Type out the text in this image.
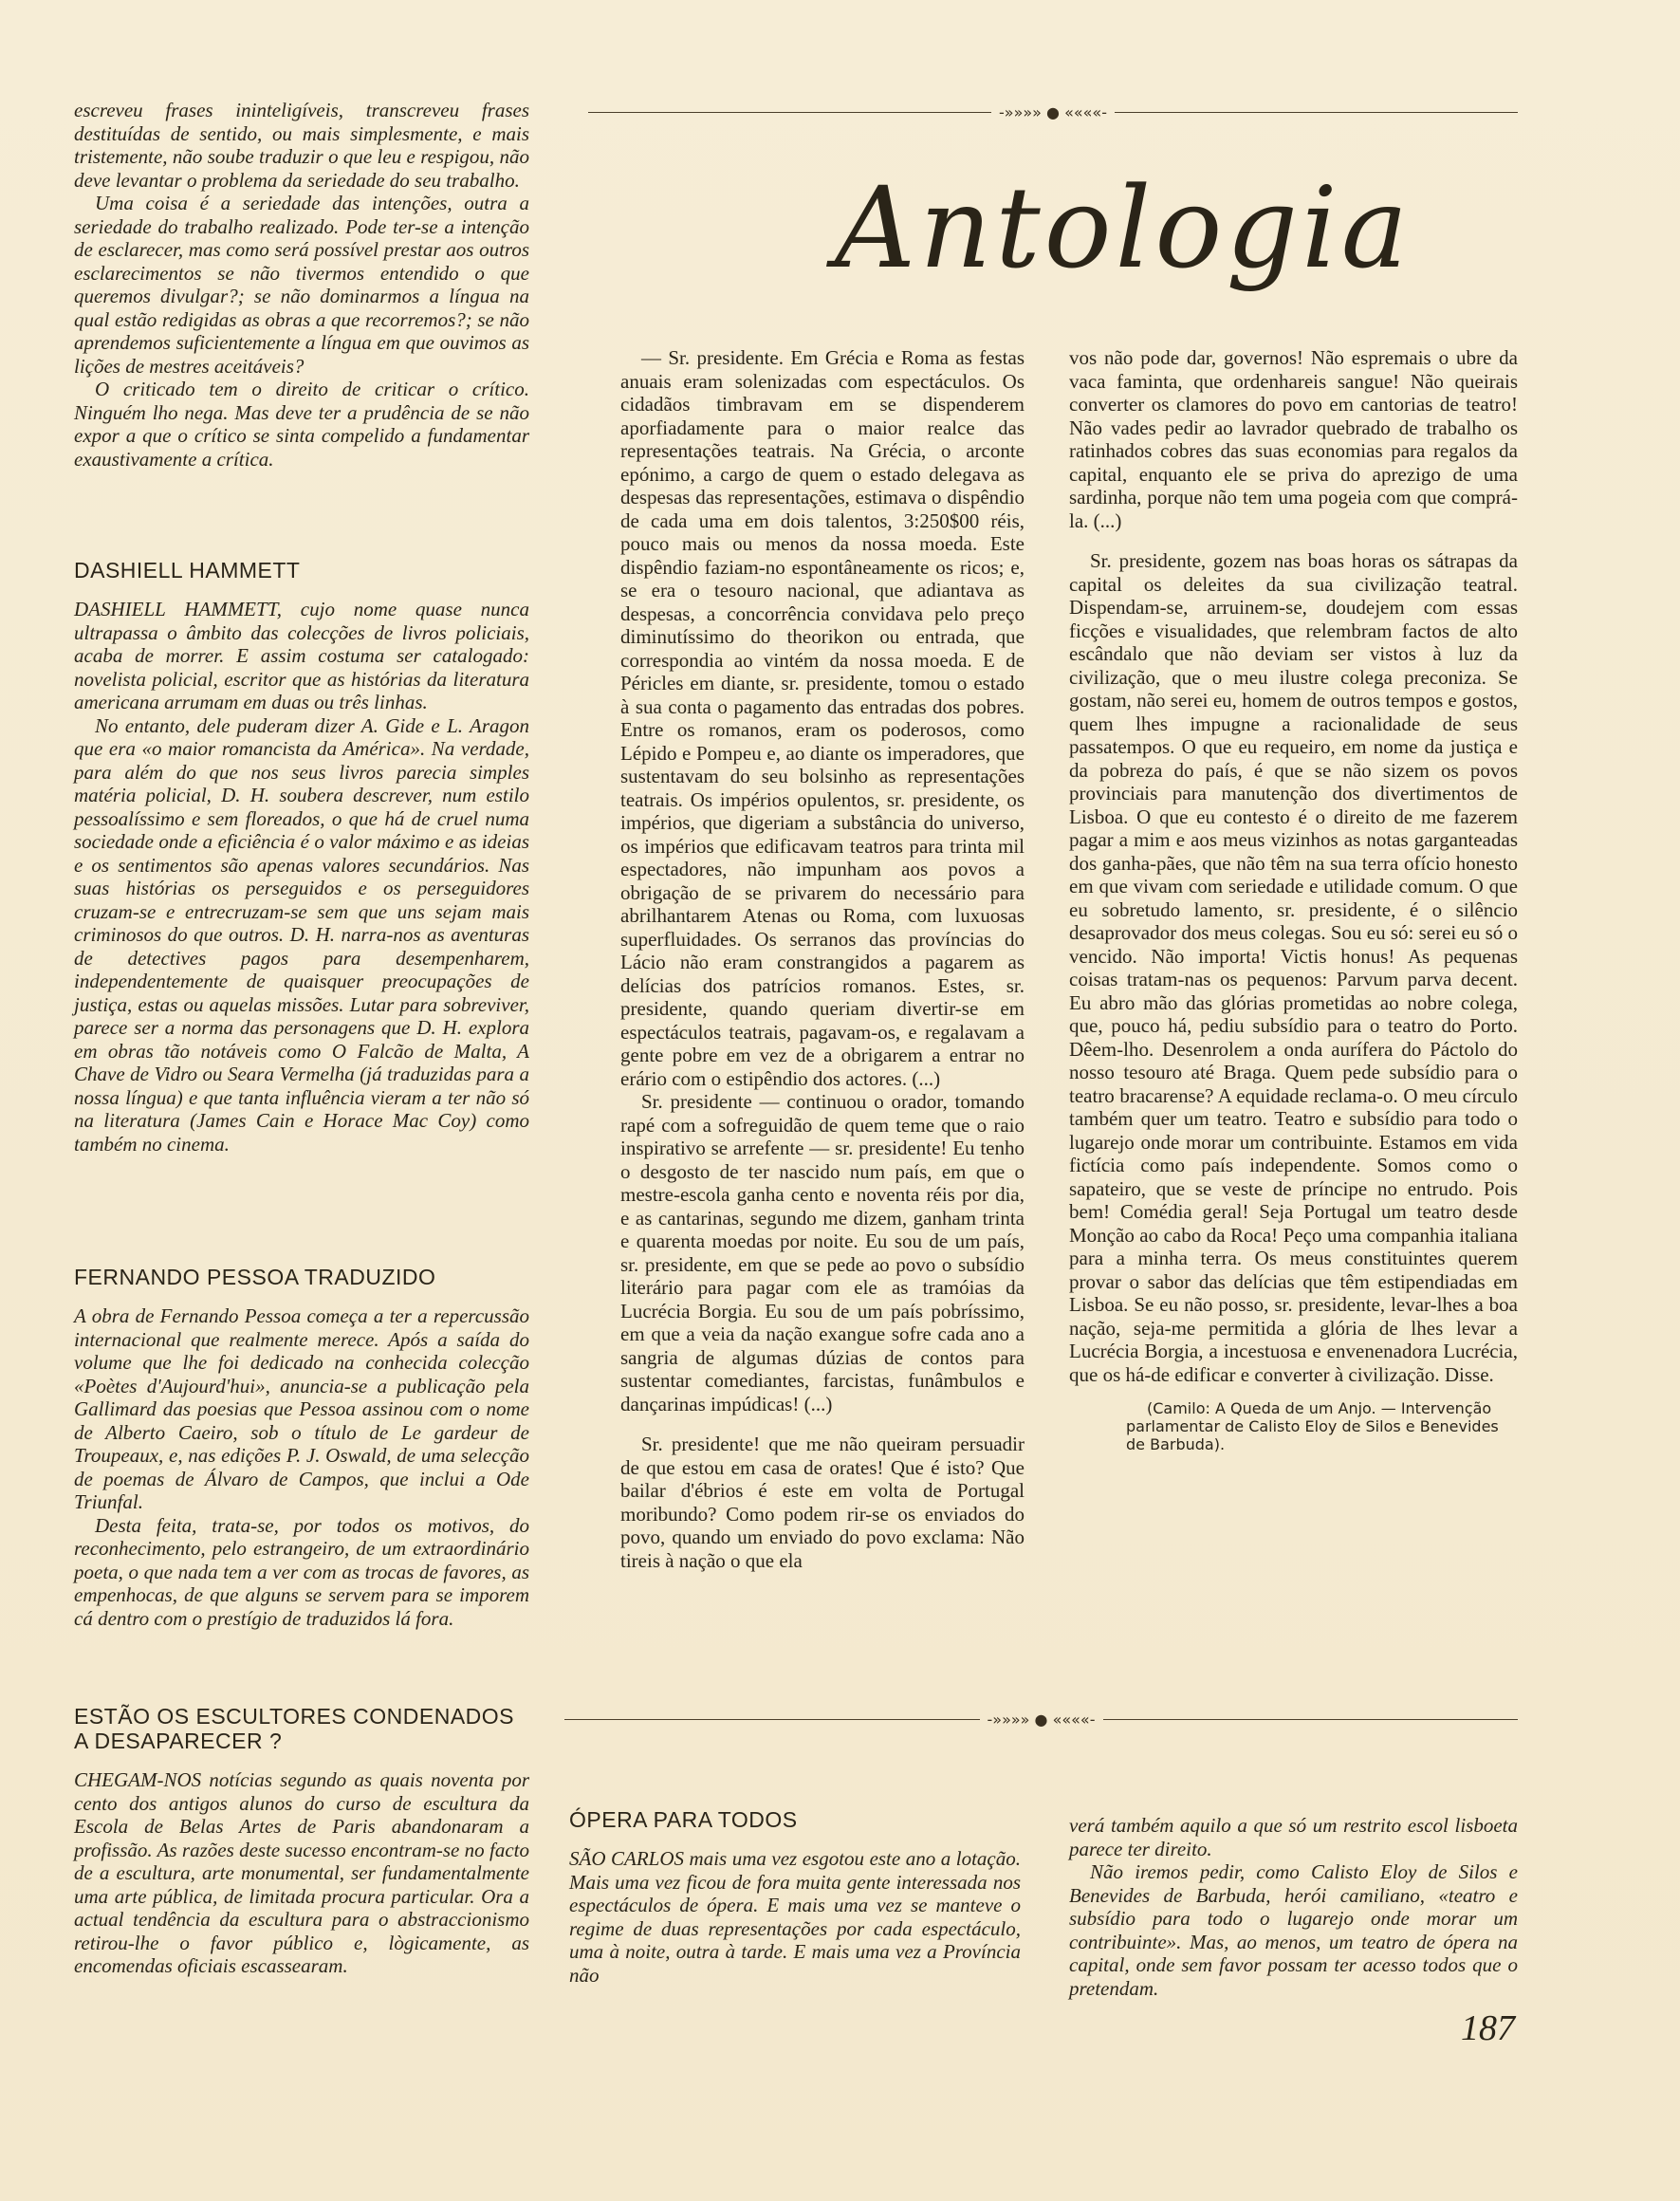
escreveu frases ininteligíveis, transcreveu frases destituídas de sentido, ou mais simplesmente, e mais tristemente, não soube traduzir o que leu e respigou, não deve levantar o problema da seriedade do seu trabalho.

Uma coisa é a seriedade das intenções, outra a seriedade do trabalho realizado. Pode ter-se a intenção de esclarecer, mas como será possível prestar aos outros esclarecimentos se não tivermos entendido o que queremos divulgar?; se não dominarmos a língua na qual estão redigidas as obras a que recorremos?; se não aprendemos suficientemente a língua em que ouvimos as lições de mestres aceitáveis?

O criticado tem o direito de criticar o crítico. Ninguém lho nega. Mas deve ter a prudência de se não expor a que o crítico se sinta compelido a fundamentar exaustivamente a crítica.

DASHIELL HAMMETT

DASHIELL HAMMETT, cujo nome quase nunca ultrapassa o âmbito das colecções de livros policiais, acaba de morrer. E assim costuma ser catalogado: novelista policial, escritor que as histórias da literatura americana arrumam em duas ou três linhas.

No entanto, dele puderam dizer A. Gide e L. Aragon que era «o maior romancista da América». Na verdade, para além do que nos seus livros parecia simples matéria policial, D. H. soubera descrever, num estilo pessoalíssimo e sem floreados, o que há de cruel numa sociedade onde a eficiência é o valor máximo e as ideias e os sentimentos são apenas valores secundários. Nas suas histórias os perseguidos e os perseguidores cruzam-se e entrecruzam-se sem que uns sejam mais criminosos do que outros. D. H. narra-nos as aventuras de detectives pagos para desempenharem, independentemente de quaisquer preocupações de justiça, estas ou aquelas missões. Lutar para sobreviver, parece ser a norma das personagens que D. H. explora em obras tão notáveis como O Falcão de Malta, A Chave de Vidro ou Seara Vermelha (já traduzidas para a nossa língua) e que tanta influência vieram a ter não só na literatura (James Cain e Horace Mac Coy) como também no cinema.

FERNANDO PESSOA TRADUZIDO

A obra de Fernando Pessoa começa a ter a repercussão internacional que realmente merece. Após a saída do volume que lhe foi dedicado na conhecida colecção «Poètes d'Aujourd'hui», anuncia-se a publicação pela Gallimard das poesias que Pessoa assinou com o nome de Alberto Caeiro, sob o título de Le gardeur de Troupeaux, e, nas edições P. J. Oswald, de uma selecção de poemas de Álvaro de Campos, que inclui a Ode Triunfal.

Desta feita, trata-se, por todos os motivos, do reconhecimento, pelo estrangeiro, de um extraordinário poeta, o que nada tem a ver com as trocas de favores, as empenhocas, de que alguns se servem para se imporem cá dentro com o prestígio de traduzidos lá fora.

ESTÃO OS ESCULTORES CONDENADOS A DESAPARECER ?

CHEGAM-NOS notícias segundo as quais noventa por cento dos antigos alunos do curso de escultura da Escola de Belas Artes de Paris abandonaram a profissão. As razões deste sucesso encontram-se no facto de a escultura, arte monumental, ser fundamentalmente uma arte pública, de limitada procura particular. Ora a actual tendência da escultura para o abstraccionismo retirou-lhe o favor público e, lògicamente, as encomendas oficiais escassearam.

-»»»» ● ««««-
Antologia

— Sr. presidente. Em Grécia e Roma as festas anuais eram solenizadas com espectáculos. Os cidadãos timbravam em se dispenderem aporfiadamente para o maior realce das representações teatrais. Na Grécia, o arconte epónimo, a cargo de quem o estado delegava as despesas das representações, estimava o dispêndio de cada uma em dois talentos, 3:250$00 réis, pouco mais ou menos da nossa moeda. Este dispêndio faziam-no espontâneamente os ricos; e, se era o tesouro nacional, que adiantava as despesas, a concorrência convidava pelo preço diminutíssimo do theorikon ou entrada, que correspondia ao vintém da nossa moeda. E de Péricles em diante, sr. presidente, tomou o estado à sua conta o pagamento das entradas dos pobres. Entre os romanos, eram os poderosos, como Lépido e Pompeu e, ao diante os imperadores, que sustentavam do seu bolsinho as representações teatrais. Os impérios opulentos, sr. presidente, os impérios, que digeriam a substância do universo, os impérios que edificavam teatros para trinta mil espectadores, não impunham aos povos a obrigação de se privarem do necessário para abrilhantarem Atenas ou Roma, com luxuosas superfluidades. Os serranos das províncias do Lácio não eram constrangidos a pagarem as delícias dos patrícios romanos. Estes, sr. presidente, quando queriam divertir-se em espectáculos teatrais, pagavam-os, e regalavam a gente pobre em vez de a obrigarem a entrar no erário com o estipêndio dos actores. (...)

Sr. presidente — continuou o orador, tomando rapé com a sofreguidão de quem teme que o raio inspirativo se arrefente — sr. presidente! Eu tenho o desgosto de ter nascido num país, em que o mestre-escola ganha cento e noventa réis por dia, e as cantarinas, segundo me dizem, ganham trinta e quarenta moedas por noite. Eu sou de um país, sr. presidente, em que se pede ao povo o subsídio literário para pagar com ele as tramóias da Lucrécia Borgia. Eu sou de um país pobríssimo, em que a veia da nação exangue sofre cada ano a sangria de algumas dúzias de contos para sustentar comediantes, farcistas, funâmbulos e dançarinas impúdicas! (...)

Sr. presidente! que me não queiram persuadir de que estou em casa de orates! Que é isto? Que bailar d'ébrios é este em volta de Portugal moribundo? Como podem rir-se os enviados do povo, quando um enviado do povo exclama: Não tireis à nação o que ela

vos não pode dar, governos! Não espremais o ubre da vaca faminta, que ordenhareis sangue! Não queirais converter os clamores do povo em cantorias de teatro! Não vades pedir ao lavrador quebrado de trabalho os ratinhados cobres das suas economias para regalos da capital, enquanto ele se priva do aprezigo de uma sardinha, porque não tem uma pogeia com que comprá-la. (...)

Sr. presidente, gozem nas boas horas os sátrapas da capital os deleites da sua civilização teatral. Dispendam-se, arruinem-se, doudejem com essas ficções e visualidades, que relembram factos de alto escândalo que não deviam ser vistos à luz da civilização, que o meu ilustre colega preconiza. Se gostam, não serei eu, homem de outros tempos e gostos, quem lhes impugne a racionalidade de seus passatempos. O que eu requeiro, em nome da justiça e da pobreza do país, é que se não sizem os povos provinciais para manutenção dos divertimentos de Lisboa. O que eu contesto é o direito de me fazerem pagar a mim e aos meus vizinhos as notas garganteadas dos ganha-pães, que não têm na sua terra ofício honesto em que vivam com seriedade e utilidade comum. O que eu sobretudo lamento, sr. presidente, é o silêncio desaprovador dos meus colegas. Sou eu só: serei eu só o vencido. Não importa! Victis honus! As pequenas coisas tratam-nas os pequenos: Parvum parva decent. Eu abro mão das glórias prometidas ao nobre colega, que, pouco há, pediu subsídio para o teatro do Porto. Dêem-lho. Desenrolem a onda aurífera do Páctolo do nosso tesouro até Braga. Quem pede subsídio para o teatro bracarense? A equidade reclama-o. O meu círculo também quer um teatro. Teatro e subsídio para todo o lugarejo onde morar um contribuinte. Estamos em vida fictícia como país independente. Somos como o sapateiro, que se veste de príncipe no entrudo. Pois bem! Comédia geral! Seja Portugal um teatro desde Monção ao cabo da Roca! Peço uma companhia italiana para a minha terra. Os meus constituintes querem provar o sabor das delícias que têm estipendiadas em Lisboa. Se eu não posso, sr. presidente, levar-lhes a boa nação, seja-me permitida a glória de lhes levar a Lucrécia Borgia, a incestuosa e envenenadora Lucrécia, que os há-de edificar e converter à civilização. Disse.

(Camilo: A Queda de um Anjo. — Intervenção parlamentar de Calisto Eloy de Silos e Benevides de Barbuda).

-»»»» ● ««««-
ÓPERA PARA TODOS

SÃO CARLOS mais uma vez esgotou este ano a lotação. Mais uma vez ficou de fora muita gente interessada nos espectáculos de ópera. E mais uma vez se manteve o regime de duas representações por cada espectáculo, uma à noite, outra à tarde. E mais uma vez a Província não

verá também aquilo a que só um restrito escol lisboeta parece ter direito.

Não iremos pedir, como Calisto Eloy de Silos e Benevides de Barbuda, herói camiliano, «teatro e subsídio para todo o lugarejo onde morar um contribuinte». Mas, ao menos, um teatro de ópera na capital, onde sem favor possam ter acesso todos que o pretendam.

187
